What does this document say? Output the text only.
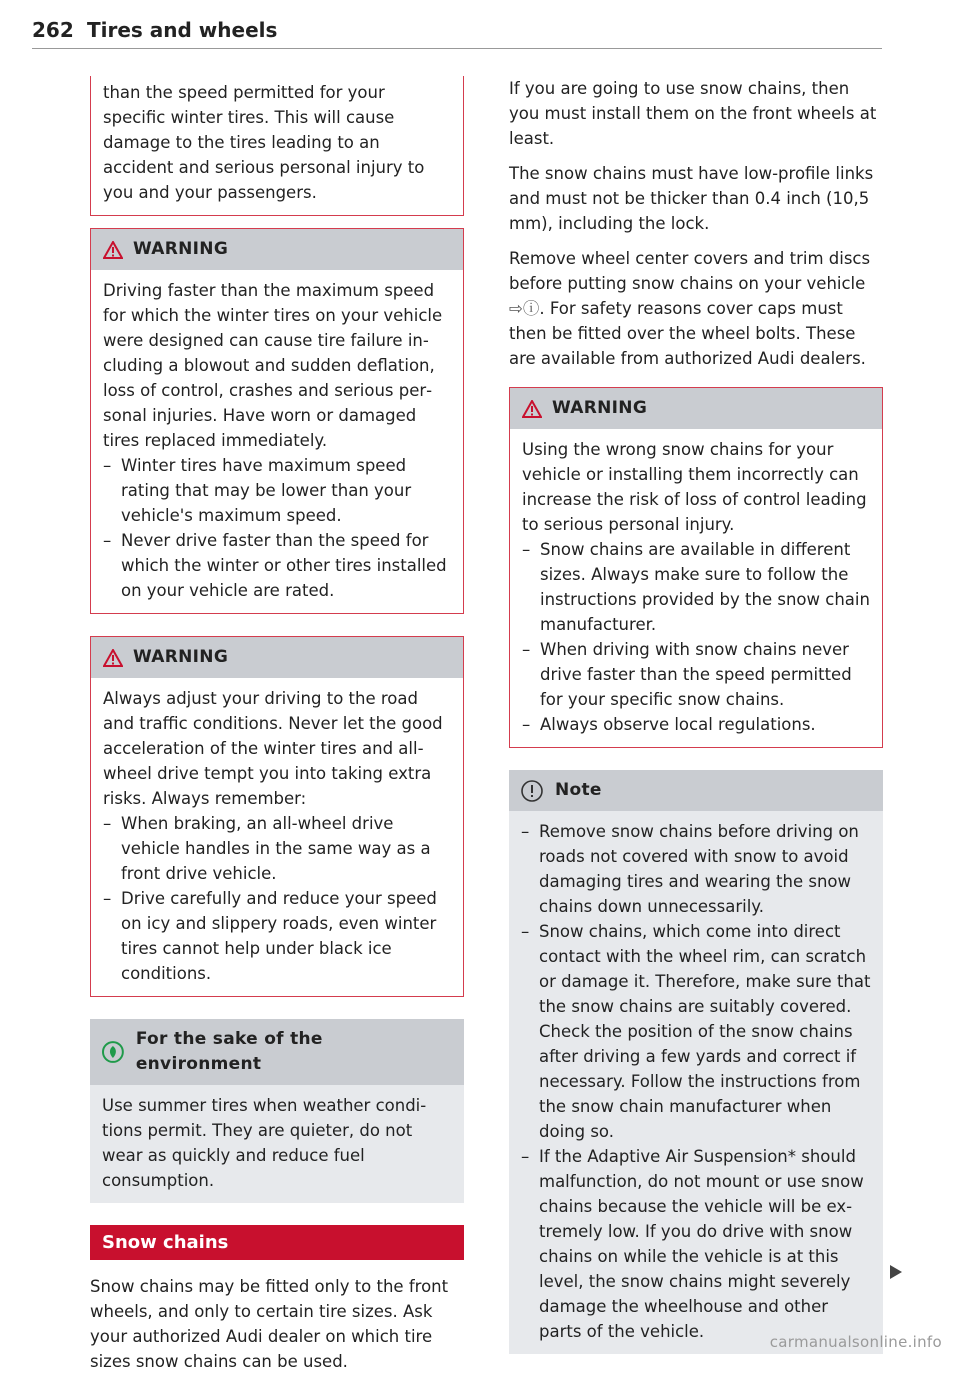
262 Tires and wheels
than the speed permitted for your specific winter tires. This will cause damage to the tires leading to an accident and serious personal injury to you and your passengers.
WARNING

Driving faster than the maximum speed for which the winter tires on your vehicle were designed can cause tire failure including a blowout and sudden deflation, loss of control, crashes and serious personal injuries. Have worn or damaged tires replaced immediately.

– Winter tires have maximum speed rating that may be lower than your vehicle's maximum speed.
– Never drive faster than the speed for which the winter or other tires installed on your vehicle are rated.
WARNING

Always adjust your driving to the road and traffic conditions. Never let the good acceleration of the winter tires and all-wheel drive tempt you into taking extra risks. Always remember:

– When braking, an all-wheel drive vehicle handles in the same way as a front drive vehicle.
– Drive carefully and reduce your speed on icy and slippery roads, even winter tires cannot help under black ice conditions.
For the sake of the environment
Use summer tires when weather conditions permit. They are quieter, do not wear as quickly and reduce fuel consumption.
Snow chains

Snow chains may be fitted only to the front wheels, and only to certain tire sizes. Ask your authorized Audi dealer on which tire sizes snow chains can be used.

If you are going to use snow chains, then you must install them on the front wheels at least.

The snow chains must have low-profile links and must not be thicker than 0.4 inch (10,5 mm), including the lock.

Remove wheel center covers and trim discs before putting snow chains on your vehicle ⇨ⓘ. For safety reasons cover caps must then be fitted over the wheel bolts. These are available from authorized Audi dealers.

WARNING

Using the wrong snow chains for your vehicle or installing them incorrectly can increase the risk of loss of control leading to serious personal injury.

– Snow chains are available in different sizes. Always make sure to follow the instructions provided by the snow chain manufacturer.
– When driving with snow chains never drive faster than the speed permitted for your specific snow chains.
– Always observe local regulations.
Note
– Remove snow chains before driving on roads not covered with snow to avoid damaging tires and wearing the snow chains down unnecessarily.
– Snow chains, which come into direct contact with the wheel rim, can scratch or damage it. Therefore, make sure that the snow chains are suitably covered. Check the position of the snow chains after driving a few yards and correct if necessary. Follow the instructions from the snow chain manufacturer when doing so.
– If the Adaptive Air Suspension* should malfunction, do not mount or use snow chains because the vehicle will be extremely low. If you do drive with snow chains on while the vehicle is at this level, the snow chains might severely damage the wheelhouse and other parts of the vehicle.
carmanualsonline.info
